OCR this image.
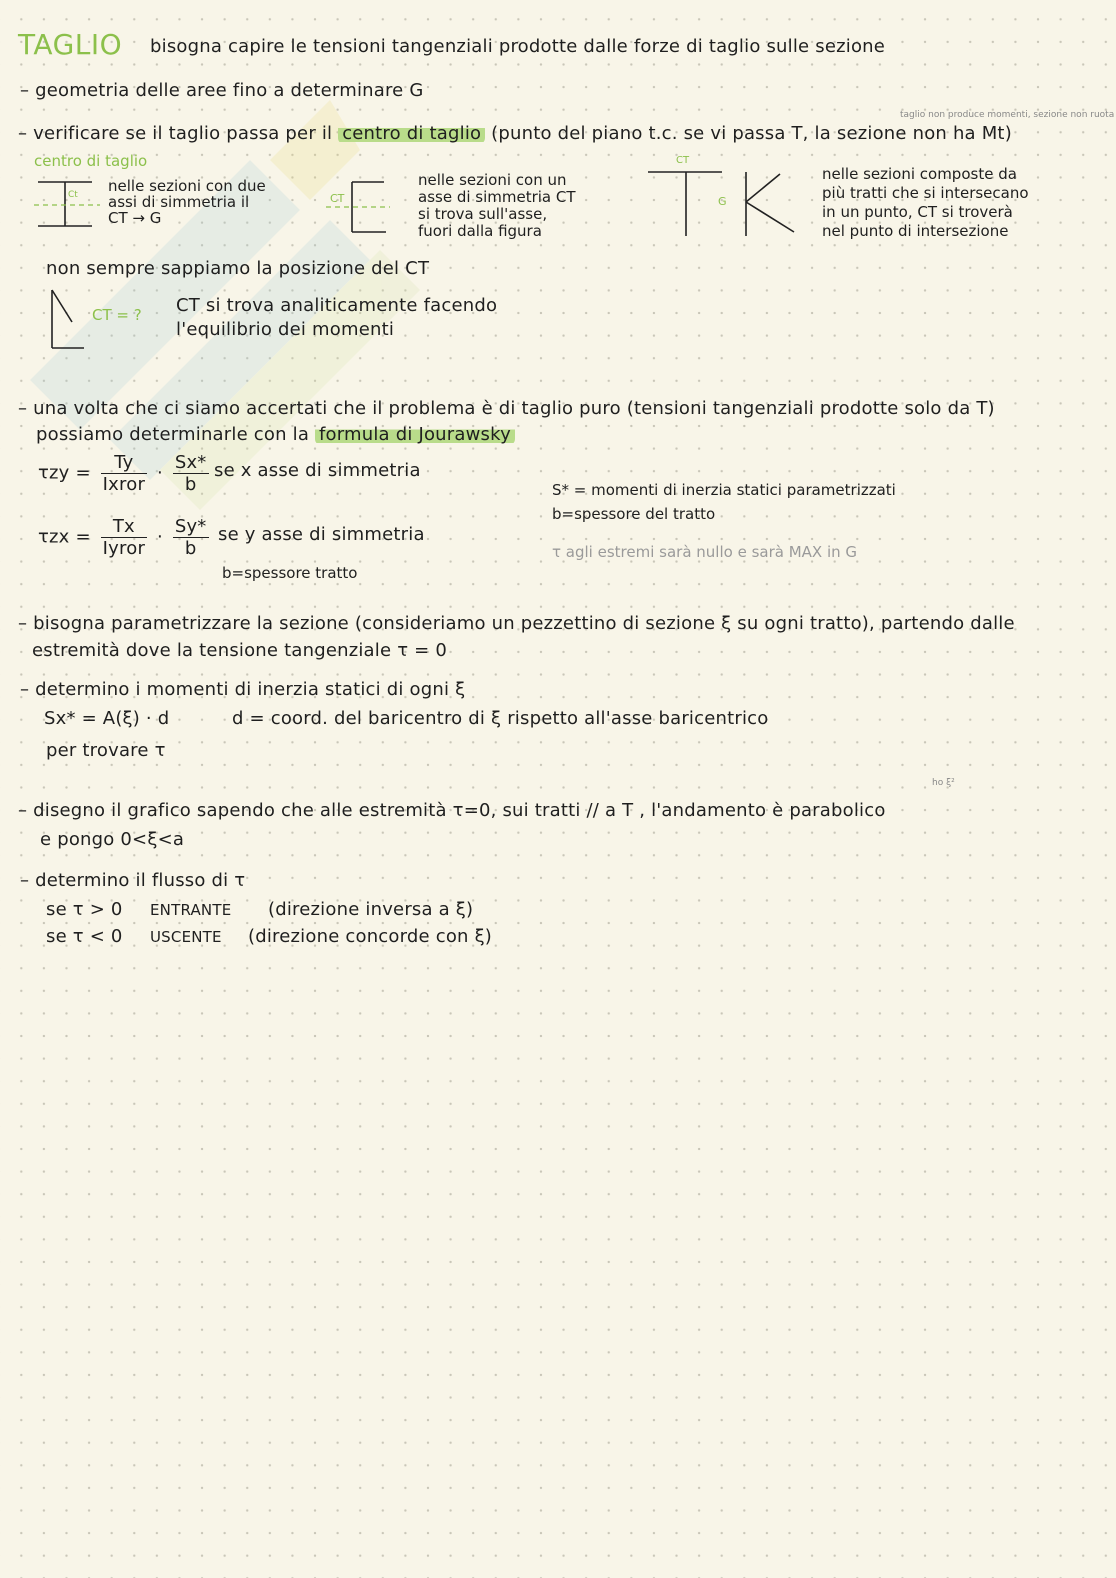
TAGLIO bisogna capire le tensioni tangenziali prodotte dalle forze di taglio sulle sezione
– geometria delle aree fino a determinare G
taglio non produce momenti, sezione non ruota
– verificare se il taglio passa per il centro di taglio (punto del piano t.c. se vi passa T, la sezione non ha Mt)
centro di taglio
Ct nelle sezioni con due
assi di simmetria il
CT → G
CT
nelle sezioni con un
asse di simmetria CT
si trova sull'asse,
fuori dalla figura
CT
G
nelle sezioni composte da
più tratti che si intersecano
in un punto, CT si troverà
nel punto di intersezione
non sempre sappiamo la posizione del CT
CT = ? CT si trova analiticamente facendo
l'equilibrio dei momenti
– una volta che ci siamo accertati che il problema è di taglio puro (tensioni tangenziali prodotte solo da T)
possiamo determinarle con la formula di Jourawsky
$\tau zy = \frac{Ty}{\text{Ixror}} \cdot \frac{Sx*}{b}$ se x asse di simmetria
$\tau zx = \frac{Tx}{\text{Iyror}} \cdot \frac{Sy*}{b}$ se y asse di simmetria
b=spessore tratto
S* = momenti di inerzia statici parametrizzati
b=spessore del tratto
τ agli estremi sarà nullo e sarà MAX in G
– bisogna parametrizzare la sezione (consideriamo un pezzettino di sezione ξ su ogni tratto), partendo dalle
estremità dove la tensione tangenziale τ = 0
– determino i momenti di inerzia statici di ogni ξ
Sx* = A(ξ) · d	d = coord. del baricentro di ξ rispetto all'asse baricentrico
per trovare τ
ho ξ²
– disegno il grafico sapendo che alle estremità τ=0, sui tratti // a T , l'andamento è parabolico
e pongo 0<ξ<a
– determino il flusso di τ
se τ > 0 ENTRANTE (direzione inversa a ξ)
se τ < 0 USCENTE (direzione concorde con ξ)
